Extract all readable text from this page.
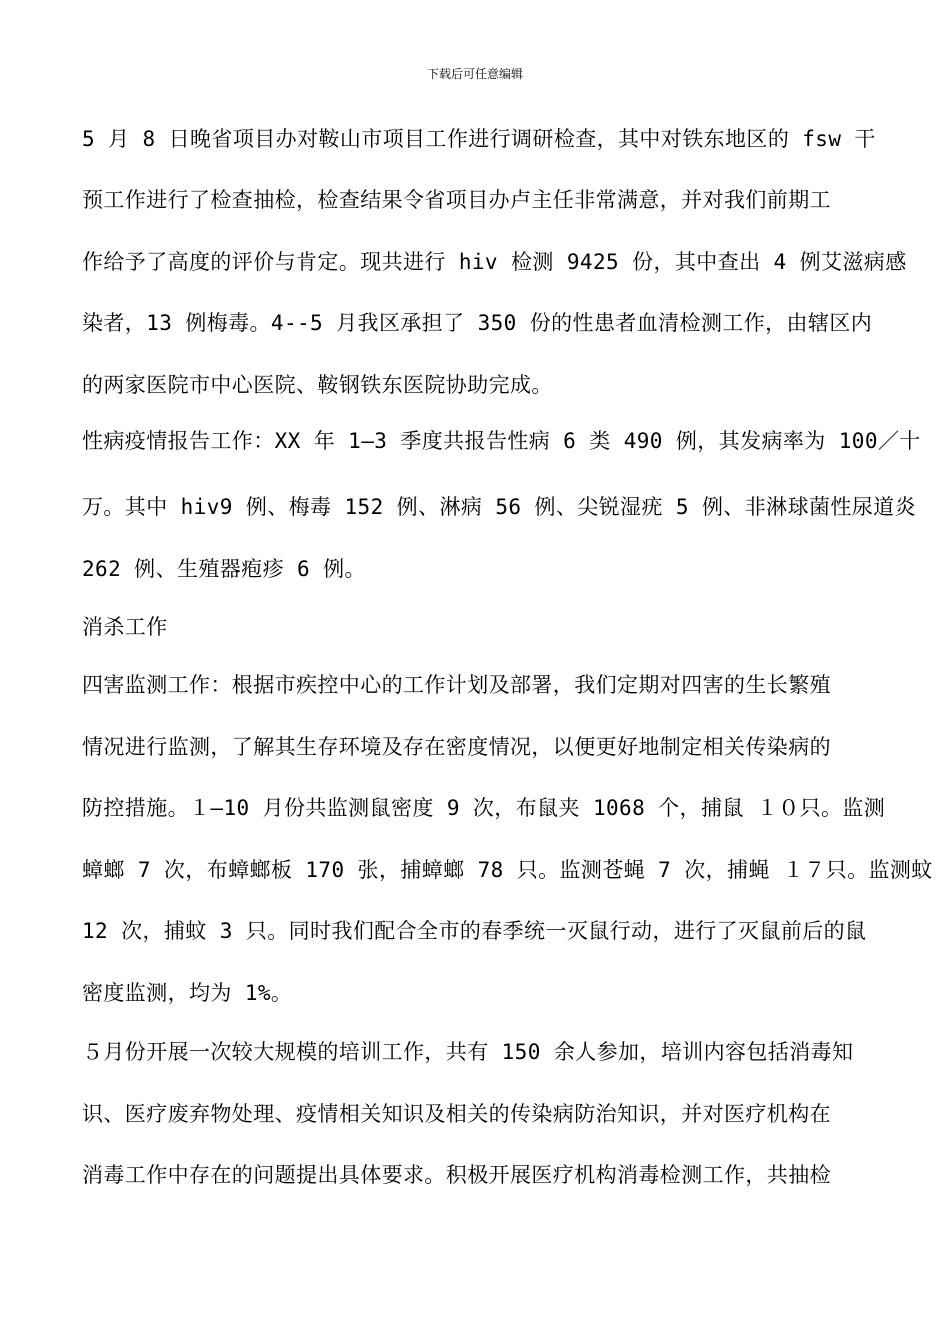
下载后可任意编辑
5 月 8 日晚省项目办对鞍山市项目工作进行调研检查，其中对铁东地区的 fsw 干
预工作进行了检查抽检，检查结果令省项目办卢主任非常满意，并对我们前期工
作给予了高度的评价与肯定。现共进行 hiv 检测 9425 份，其中查出 4 例艾滋病感
染者，13 例梅毒。4--5 月我区承担了 350 份的性患者血清检测工作，由辖区内
的两家医院市中心医院、鞍钢铁东医院协助完成。
性病疫情报告工作：XX 年 1—3 季度共报告性病 6 类 490 例，其发病率为 100／十
万。其中 hiv9 例、梅毒 152 例、淋病 56 例、尖锐湿疣 5 例、非淋球菌性尿道炎
262 例、生殖器疱疹 6 例。
消杀工作
四害监测工作：根据市疾控中心的工作计划及部署，我们定期对四害的生长繁殖
情况进行监测，了解其生存环境及存在密度情况，以便更好地制定相关传染病的
防控措施。１—10 月份共监测鼠密度 9 次，布鼠夹 1068 个，捕鼠 １０只。监测
蟑螂 7 次，布蟑螂板 170 张，捕蟑螂 78 只。监测苍蝇 7 次，捕蝇 １７只。监测蚊
12 次，捕蚊 3 只。同时我们配合全市的春季统一灭鼠行动，进行了灭鼠前后的鼠
密度监测，均为 1%。
５月份开展一次较大规模的培训工作，共有 150 余人参加，培训内容包括消毒知
识、医疗废弃物处理、疫情相关知识及相关的传染病防治知识，并对医疗机构在
消毒工作中存在的问题提出具体要求。积极开展医疗机构消毒检测工作，共抽检
